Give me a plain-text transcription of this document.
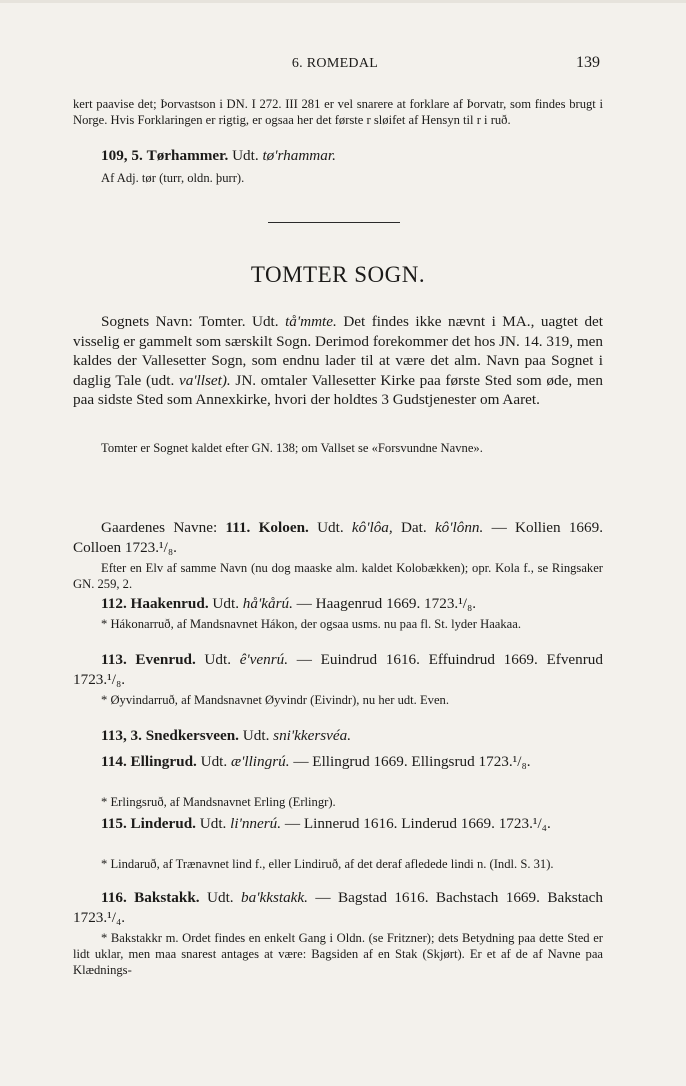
6. ROMEDAL	139

kert paavise det; Þorvastson i DN. I 272. III 281 er vel snarere at forklare af Þorvatr, som findes brugt i Norge. Hvis Forklaringen er rigtig, er ogsaa her det første r sløifet af Hensyn til r i ruð.

109, 5. Tørhammer. Udt. tø'rhammar.

Af Adj. tør (turr, oldn. þurr).

TOMTER SOGN.

Sognets Navn: Tomter. Udt. tå'mmte. Det findes ikke nævnt i MA., uagtet det visselig er gammelt som særskilt Sogn. Derimod forekommer det hos JN. 14. 319, men kaldes der Vallesetter Sogn, som endnu lader til at være det alm. Navn paa Sognet i daglig Tale (udt. va'llset). JN. omtaler Vallesetter Kirke paa første Sted som øde, men paa sidste Sted som Annexkirke, hvori der holdtes 3 Gudstjenester om Aaret.

Tomter er Sognet kaldet efter GN. 138; om Vallset se «Forsvundne Navne».

Gaardenes Navne: 111. Koloen. Udt. kô'lôa, Dat. kô'lônn. — Kollien 1669. Colloen 1723.¹/₈.

Efter en Elv af samme Navn (nu dog maaske alm. kaldet Kolobækken); opr. Kola f., se Ringsaker GN. 259, 2.

112. Haakenrud. Udt. hå'kårú. — Haagenrud 1669. 1723.¹/₈.

* Hákonarruð, af Mandsnavnet Hákon, der ogsaa usms. nu paa fl. St. lyder Haakaa.

113. Evenrud. Udt. ê'venrú. — Euindrud 1616. Effuindrud 1669. Efvenrud 1723.¹/₈.

* Øyvindarruð, af Mandsnavnet Øyvindr (Eivindr), nu her udt. Even.

113, 3. Snedkersveen. Udt. sni'kkersvéa.

114. Ellingrud. Udt. æ'llingrú. — Ellingrud 1669. Ellingsrud 1723.¹/₈.

* Erlingsruð, af Mandsnavnet Erling (Erlingr).

115. Linderud. Udt. li'nnerú. — Linnerud 1616. Linderud 1669. 1723.¹/₄.

* Lindaruð, af Trænavnet lind f., eller Lindiruð, af det deraf afledede lindi n. (Indl. S. 31).

116. Bakstakk. Udt. ba'kkstakk. — Bagstad 1616. Bachstach 1669. Bakstach 1723.¹/₄.

* Bakstakkr m. Ordet findes en enkelt Gang i Oldn. (se Fritzner); dets Betydning paa dette Sted er lidt uklar, men maa snarest antages at være: Bagsiden af en Stak (Skjørt). Er et af de af Navne paa Klædnings-
